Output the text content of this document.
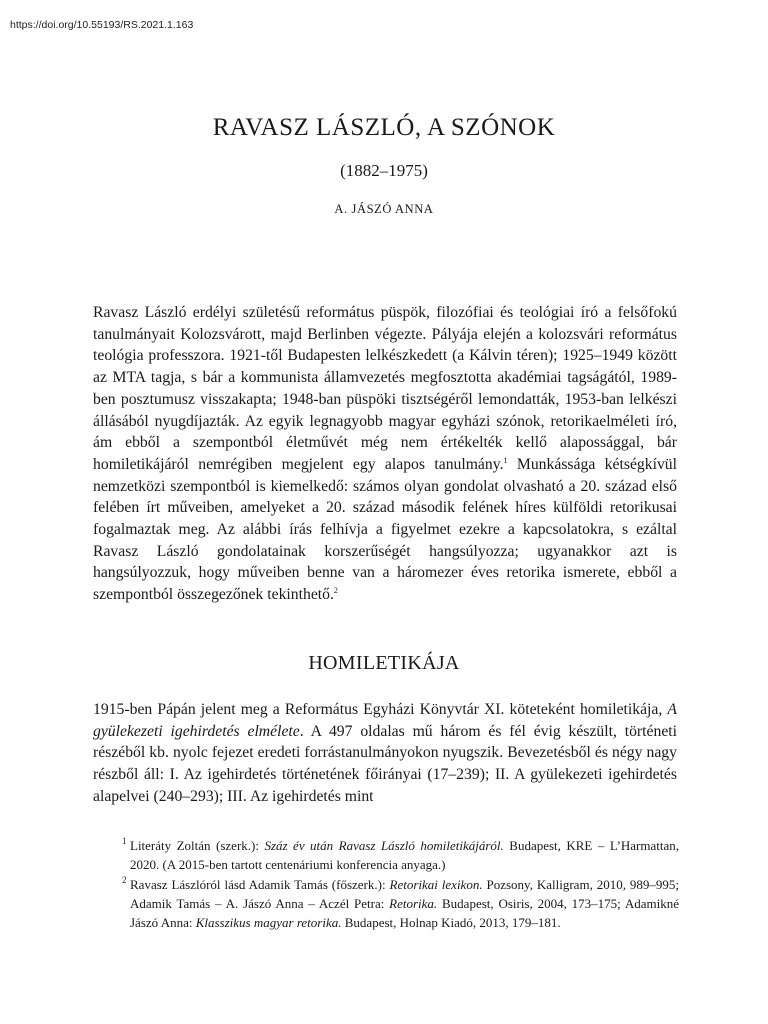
https://doi.org/10.55193/RS.2021.1.163
RAVASZ LÁSZLÓ, A SZÓNOK

(1882–1975)

A. JÁSZÓ ANNA

Ravasz László erdélyi születésű református püspök, filozófiai és teológiai író a felsőfokú tanulmányait Kolozsvárott, majd Berlinben végezte. Pályája elején a kolozsvári református teológia professzora. 1921-től Budapesten lelkészkedett (a Kálvin téren); 1925–1949 között az MTA tagja, s bár a kommunista államvezetés megfosztotta akadémiai tagságától, 1989-ben posztumusz visszakapta; 1948-ban püspöki tisztségéről lemondatták, 1953-ban lelkészi állásából nyugdíjazták. Az egyik legnagyobb magyar egyházi szónok, retorikaelméleti író, ám ebből a szempontból életművét még nem értékelték kellő alapossággal, bár homiletikájáról nemrégiben megjelent egy alapos tanulmány.$^1$ Munkássága kétségkívül nemzetközi szempontból is kiemelkedő: számos olyan gondolat olvasható a 20. század első felében írt műveiben, amelyeket a 20. század második felének híres külföldi retorikusai fogalmaztak meg. Az alábbi írás felhívja a figyelmet ezekre a kapcsolatokra, s ezáltal Ravasz László gondolatainak korszerűségét hangsúlyozza; ugyanakkor azt is hangsúlyozzuk, hogy műveiben benne van a háromezer éves retorika ismerete, ebből a szempontból összegezőnek tekinthető.$^2$

HOMILETIKÁJA

1915-ben Pápán jelent meg a Református Egyházi Könyvtár XI. köteteként homiletikája, A gyülekezeti igehirdetés elmélete. A 497 oldalas mű három és fél évig készült, történeti részéből kb. nyolc fejezet eredeti forrástanulmányokon nyugszik. Bevezetésből és négy nagy részből áll: I. Az igehirdetés történetének főirányai (17–239); II. A gyülekezeti igehirdetés alapelvei (240–293); III. Az igehirdetés mint

1 Literáty Zoltán (szerk.): Száz év után Ravasz László homiletikájáról. Budapest, KRE – L’Harmattan, 2020. (A 2015-ben tartott centenáriumi konferencia anyaga.)

2 Ravasz Lászlóról lásd Adamik Tamás (főszerk.): Retorikai lexikon. Pozsony, Kalligram, 2010, 989–995; Adamik Tamás – A. Jászó Anna – Aczél Petra: Retorika. Budapest, Osiris, 2004, 173–175; Adamikné Jászó Anna: Klasszikus magyar retorika. Budapest, Holnap Kiadó, 2013, 179–181.
